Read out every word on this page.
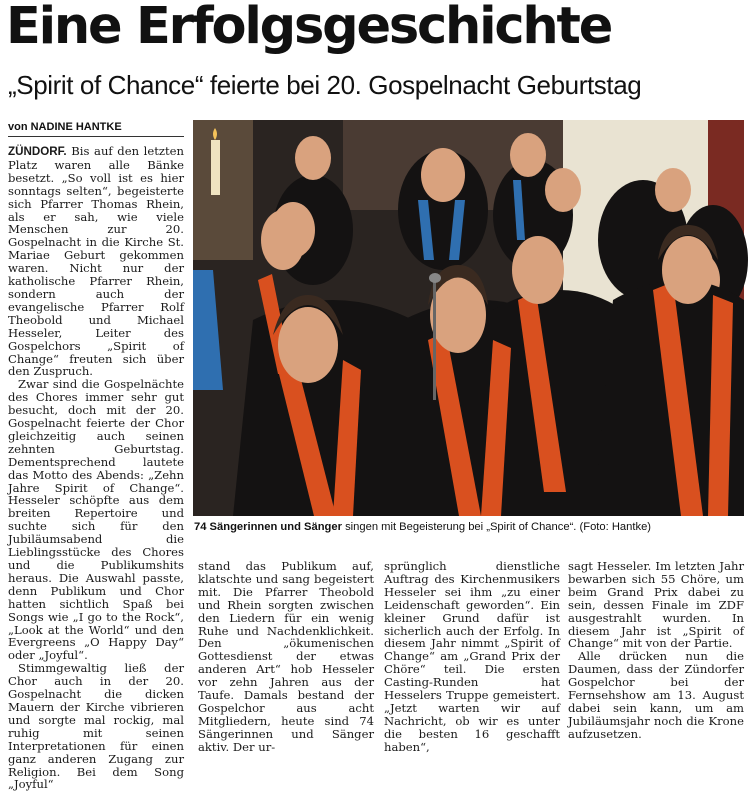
Eine Erfolgsgeschichte
„Spirit of Chance“ feierte bei 20. Gospelnacht Geburtstag
von NADINE HANTKE

ZÜNDORF. Bis auf den letzten Platz waren alle Bänke besetzt. „So voll ist es hier sonntags selten“, begeisterte sich Pfarrer Thomas Rhein, als er sah, wie viele Menschen zur 20. Gospelnacht in die Kirche St. Mariae Geburt gekommen waren. Nicht nur der katholische Pfarrer Rhein, sondern auch der evangelische Pfarrer Rolf Theobold und Michael Hesseler, Leiter des Gospelchors „Spirit of Change“ freuten sich über den Zuspruch.

Zwar sind die Gospelnächte des Chores immer sehr gut besucht, doch mit der 20. Gospelnacht feierte der Chor gleichzeitig auch seinen zehnten Geburtstag. Dementsprechend lautete das Motto des Abends: „Zehn Jahre Spirit of Change“. Hesseler schöpfte aus dem breiten Repertoire und suchte sich für den Jubiläumsabend die Lieblingsstücke des Chores und die Publikumshits heraus. Die Auswahl passte, denn Publikum und Chor hatten sichtlich Spaß bei Songs wie „I go to the Rock“, „Look at the World“ und den Evergreens „O Happy Day“ oder „Joyful“.

Stimmgewaltig ließ der Chor auch in der 20. Gospelnacht die dicken Mauern der Kirche vibrieren und sorgte mal rockig, mal ruhig mit seinen Interpretationen für einen ganz anderen Zugang zur Religion. Bei dem Song „Joyful“

74 Sängerinnen und Sänger singen mit Begeisterung bei „Spirit of Chance“. (Foto: Hantke)

stand das Publikum auf, klatschte und sang begeistert mit. Die Pfarrer Theobold und Rhein sorgten zwischen den Liedern für ein wenig Ruhe und Nachdenklichkeit. Den „ökumenischen Gottesdienst der etwas anderen Art“ hob Hesseler vor zehn Jahren aus der Taufe. Damals bestand der Gospelchor aus acht Mitgliedern, heute sind 74 Sängerinnen und Sänger aktiv. Der ur-

sprünglich dienstliche Auftrag des Kirchenmusikers Hesseler sei ihm „zu einer Leidenschaft geworden“. Ein kleiner Grund dafür ist sicherlich auch der Erfolg. In diesem Jahr nimmt „Spirit of Change“ am „Grand Prix der Chöre“ teil. Die ersten Casting-Runden hat Hesselers Truppe gemeistert. „Jetzt warten wir auf Nachricht, ob wir es unter die besten 16 geschafft haben“,

sagt Hesseler. Im letzten Jahr bewarben sich 55 Chöre, um beim Grand Prix dabei zu sein, dessen Finale im ZDF ausgestrahlt wurden. In diesem Jahr ist „Spirit of Change“ mit von der Partie.

Alle drücken nun die Daumen, dass der Zündorfer Gospelchor bei der Fernsehshow am 13. August dabei sein kann, um am Jubiläumsjahr noch die Krone aufzusetzen.
